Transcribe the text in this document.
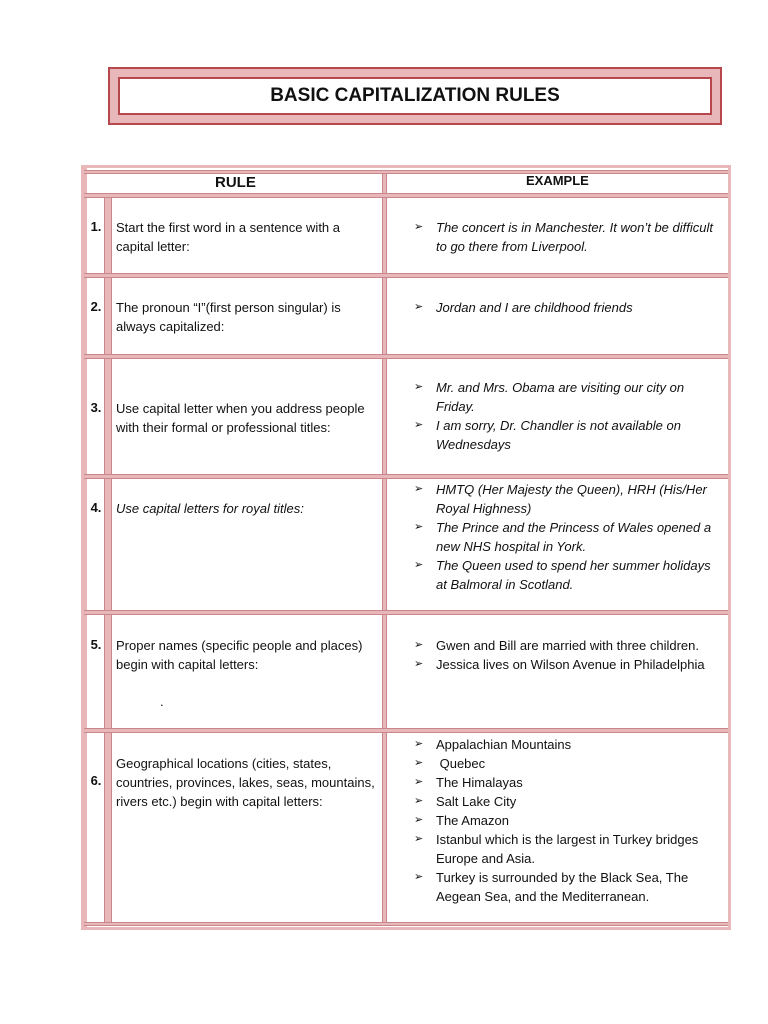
BASIC CAPITALIZATION RULES
RULE	EXAMPLE
1. Start the first word in a sentence with a capital letter:
➢ The concert is in Manchester. It won’t be difficult to go there from Liverpool.
2. The pronoun “I”(first person singular) is always capitalized:
➢ Jordan and I are childhood friends
3. Use capital letter when you address people with their formal or professional titles:
➢ Mr. and Mrs. Obama are visiting our city on Friday.
➢ I am sorry, Dr. Chandler is not available on Wednesdays
4. Use capital letters for royal titles:
➢ HMTQ (Her Majesty the Queen), HRH (His/Her Royal Highness)
➢ The Prince and the Princess of Wales opened a new NHS hospital in York.
➢ The Queen used to spend her summer holidays at Balmoral in Scotland.
5. Proper names (specific people and places) begin with capital letters:
.
➢ Gwen and Bill are married with three children.
➢ Jessica lives on Wilson Avenue in Philadelphia
6.
Geographical locations (cities, states, countries, provinces, lakes, seas, mountains, rivers etc.) begin with capital letters:
➢ Appalachian Mountains
➢ Quebec
➢ The Himalayas
➢ Salt Lake City
➢ The Amazon
➢ Istanbul which is the largest in Turkey bridges Europe and Asia.
➢ Turkey is surrounded by the Black Sea, The Aegean Sea, and the Mediterranean.
